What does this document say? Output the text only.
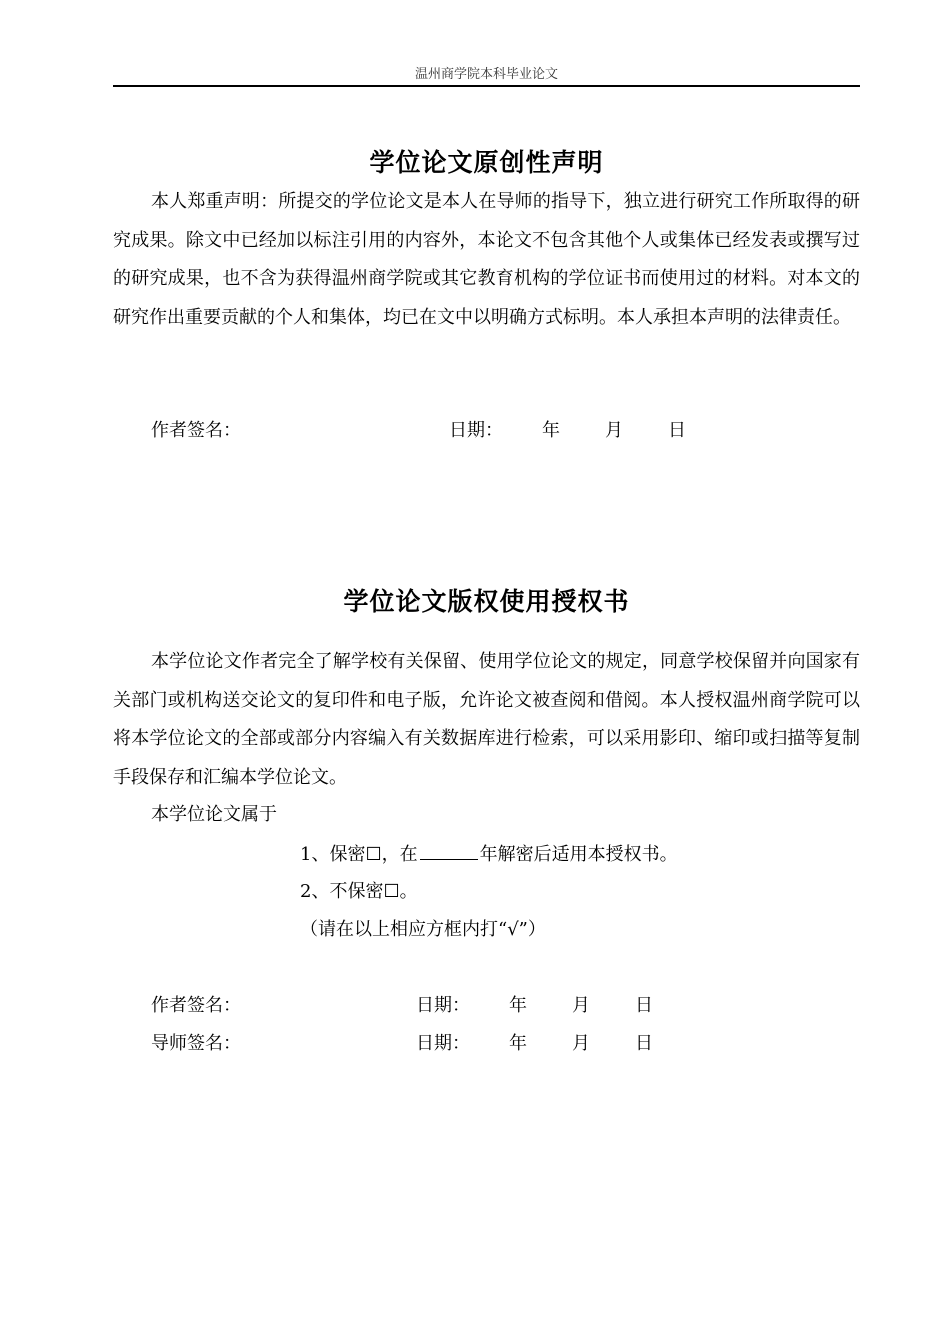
温州商学院本科毕业论文
学位论文原创性声明
本人郑重声明：所提交的学位论文是本人在导师的指导下，独立进行研究工作所取得的研究成果。除文中已经加以标注引用的内容外，本论文不包含其他个人或集体已经发表或撰写过的研究成果，也不含为获得温州商学院或其它教育机构的学位证书而使用过的材料。对本文的研究作出重要贡献的个人和集体，均已在文中以明确方式标明。本人承担本声明的法律责任。
作者签名：	日期： 年	月	日
学位论文版权使用授权书
本学位论文作者完全了解学校有关保留、使用学位论文的规定，同意学校保留并向国家有关部门或机构送交论文的复印件和电子版，允许论文被查阅和借阅。本人授权温州商学院可以将本学位论文的全部或部分内容编入有关数据库进行检索，可以采用影印、缩印或扫描等复制手段保存和汇编本学位论文。
本学位论文属于
1、保密☐，在	年解密后适用本授权书。
2、不保密☐。
（请在以上相应方框内打“√”）
作者签名：	日期： 年	月	日
导师签名：	日期： 年	月	日
